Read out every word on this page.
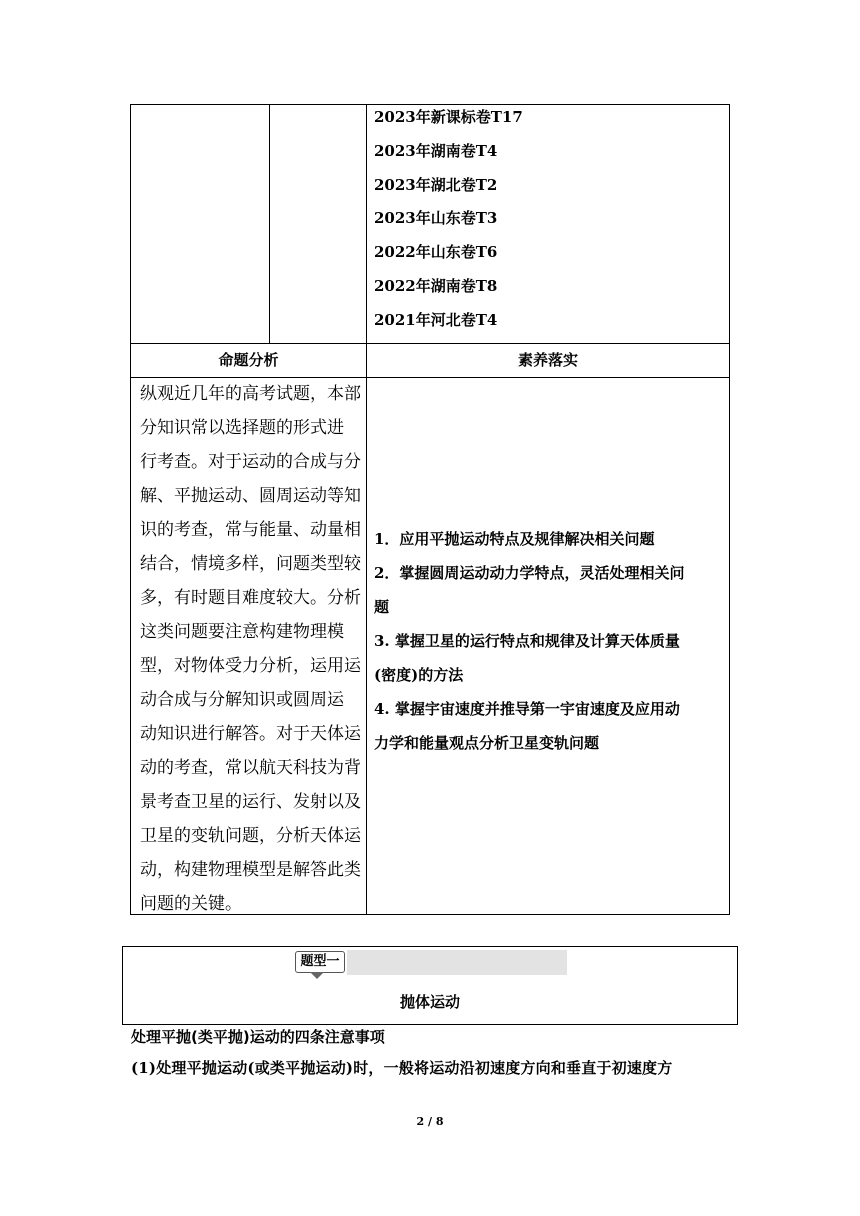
2023年新课标卷T17
2023年湖南卷T4
2023年湖北卷T2
2023年山东卷T3
2022年山东卷T6
2022年湖南卷T8
2021年河北卷T4
命题分析	素养落实
纵观近几年的高考试题，本部
分知识常以选择题的形式进
行考查。对于运动的合成与分
解、平抛运动、圆周运动等知
识的考查，常与能量、动量相
结合，情境多样，问题类型较
多，有时题目难度较大。分析
这类问题要注意构建物理模
型，对物体受力分析，运用运
动合成与分解知识或圆周运
动知识进行解答。对于天体运
动的考查，常以航天科技为背
景考查卫星的运行、发射以及
卫星的变轨问题，分析天体运
动，构建物理模型是解答此类
问题的关键。
1．应用平抛运动特点及规律解决相关问题
2．掌握圆周运动动力学特点，灵活处理相关问
题
3. 掌握卫星的运行特点和规律及计算天体质量
(密度)的方法
4. 掌握宇宙速度并推导第一宇宙速度及应用动
力学和能量观点分析卫星变轨问题
题型一
抛体运动
处理平抛(类平抛)运动的四条注意事项
(1)处理平抛运动(或类平抛运动)时，一般将运动沿初速度方向和垂直于初速度方
2 / 8
